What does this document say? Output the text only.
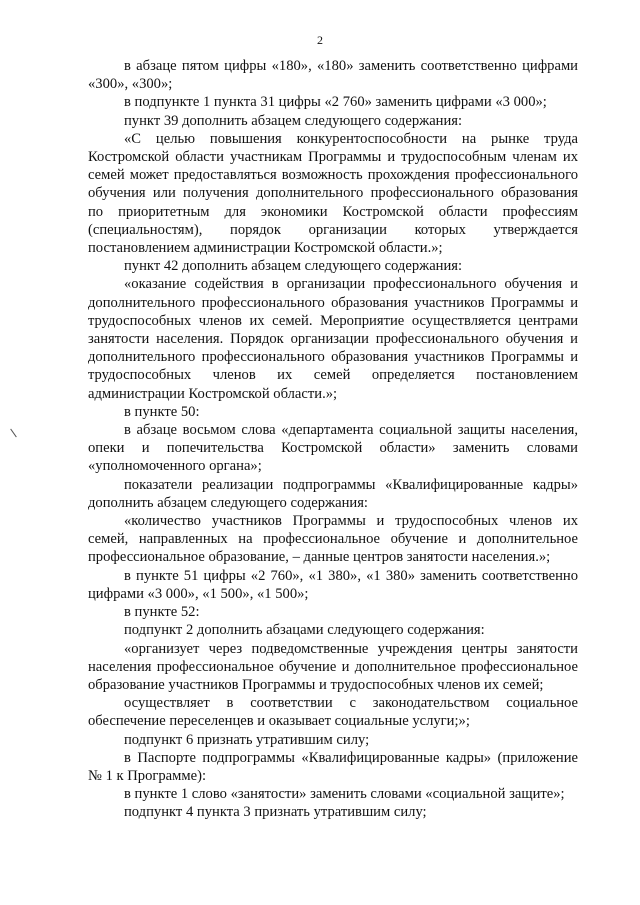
2

в абзаце пятом цифры «180», «180» заменить соответственно цифрами «300», «300»;

в подпункте 1 пункта 31 цифры «2 760» заменить цифрами «3 000»;

пункт 39 дополнить абзацем следующего содержания:

«С целью повышения конкурентоспособности на рынке труда Костромской области участникам Программы и трудоспособным членам их семей может предоставляться возможность прохождения профессионального обучения или получения дополнительного профессионального образования по приоритетным для экономики Костромской области профессиям (специальностям), порядок организации которых утверждается постановлением администрации Костромской области.»;

пункт 42 дополнить абзацем следующего содержания:

«оказание содействия в организации профессионального обучения и дополнительного профессионального образования участников Программы и трудоспособных членов их семей. Мероприятие осуществляется центрами занятости населения. Порядок организации профессионального обучения и дополнительного профессионального образования участников Программы и трудоспособных членов их семей определяется постановлением администрации Костромской области.»;

в пункте 50:

в абзаце восьмом слова «департамента социальной защиты населения, опеки и попечительства Костромской области» заменить словами «уполномоченного органа»;

показатели реализации подпрограммы «Квалифицированные кадры» дополнить абзацем следующего содержания:

«количество участников Программы и трудоспособных членов их семей, направленных на профессиональное обучение и дополнительное профессиональное образование, – данные центров занятости населения.»;

в пункте 51 цифры «2 760», «1 380», «1 380» заменить соответственно цифрами «3 000», «1 500», «1 500»;

в пункте 52:

подпункт 2 дополнить абзацами следующего содержания:

«организует через подведомственные учреждения центры занятости населения профессиональное обучение и дополнительное профессиональное образование участников Программы и трудоспособных членов их семей;

осуществляет в соответствии с законодательством социальное обеспечение переселенцев и оказывает социальные услуги;»;

подпункт 6 признать утратившим силу;

в Паспорте подпрограммы «Квалифицированные кадры» (приложение № 1 к Программе):

в пункте 1 слово «занятости» заменить словами «социальной защите»;

подпункт 4 пункта 3 признать утратившим силу;
